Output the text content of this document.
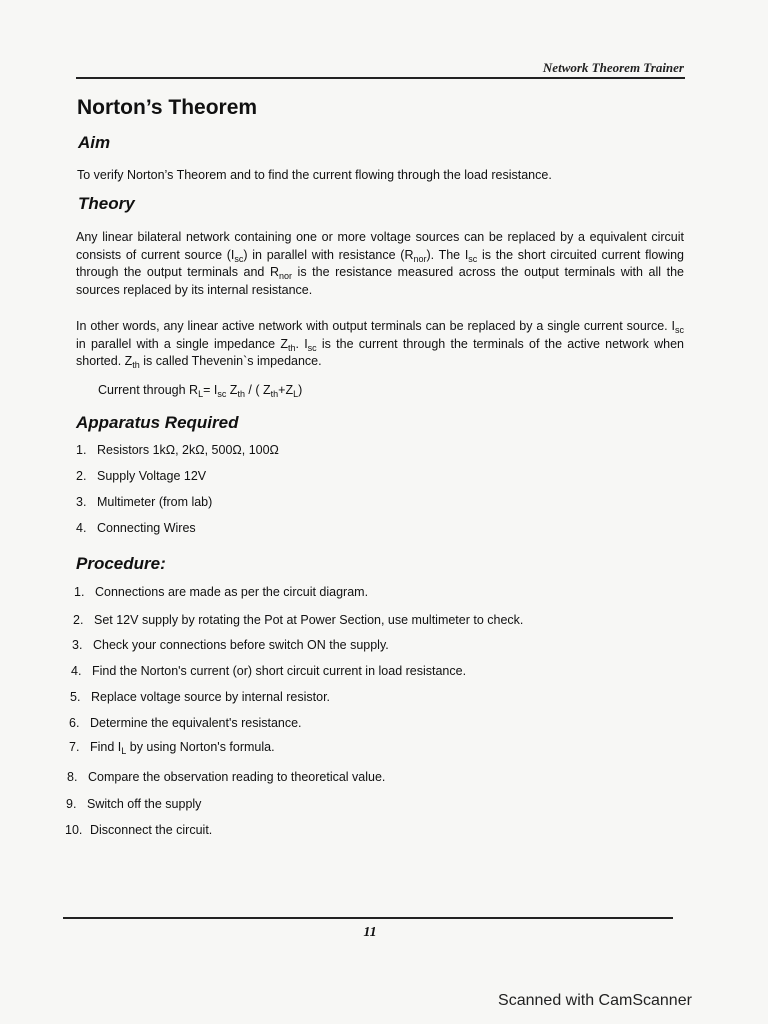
Network Theorem Trainer
Norton’s Theorem
Aim
To verify Norton’s Theorem and to find the current flowing through the load resistance.
Theory
Any linear bilateral network containing one or more voltage sources can be replaced by a equivalent circuit consists of current source $(I_{sc})$ in parallel with resistance $(R_{nor})$. The $I_{sc}$ is the short circuited current flowing through the output terminals and $R_{nor}$ is the resistance measured across the output terminals with all the sources replaced by its internal resistance.
In other words, any linear active network with output terminals can be replaced by a single current source. $I_{sc}$ in parallel with a single impedance $Z_{th}$. $I_{sc}$ is the current through the terminals of the active network when shorted. $Z_{th}$ is called Thevenin`s impedance.
Current through $R_L= I_{sc}$ $Z_{th}$ / ( $Z_{th}+Z_L$)
Apparatus Required
1. Resistors 1kΩ, 2kΩ, 500Ω, 100Ω
2. Supply Voltage 12V
3. Multimeter (from lab)
4. Connecting Wires
Procedure:
1. Connections are made as per the circuit diagram.
2. Set 12V supply by rotating the Pot at Power Section, use multimeter to check.
3. Check your connections before switch ON the supply.
4. Find the Norton's current (or) short circuit current in load resistance.
5. Replace voltage source by internal resistor.
6. Determine the equivalent's resistance.
7. Find $I_L$ by using Norton's formula.
8. Compare the observation reading to theoretical value.
9. Switch off the supply
10. Disconnect the circuit.
11
Scanned with CamScanner
